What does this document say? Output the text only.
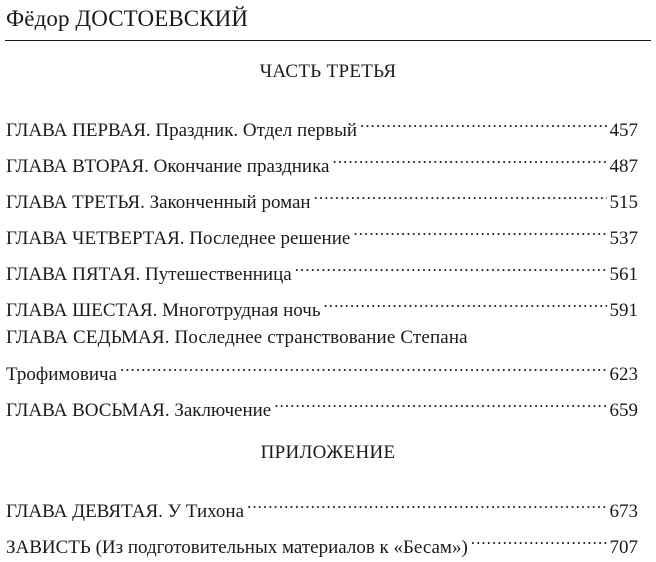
Фёдор ДОСТОЕВСКИЙ
ЧАСТЬ ТРЕТЬЯ
ГЛАВА ПЕРВАЯ. Праздник. Отдел первый . . .	457
ГЛАВА ВТОРАЯ. Окончание праздника . . .	487
ГЛАВА ТРЕТЬЯ. Законченный роман . . .	515
ГЛАВА ЧЕТВЕРТАЯ. Последнее решение . . .	537
ГЛАВА ПЯТАЯ. Путешественница . . .	561
ГЛАВА ШЕСТАЯ. Многотрудная ночь . . .	591
ГЛАВА СЕДЬМАЯ. Последнее странствование Степана
Трофимовича . . .	623
ГЛАВА ВОСЬМАЯ. Заключение . . .	659
ПРИЛОЖЕНИЕ
ГЛАВА ДЕВЯТАЯ. У Тихона . . .	673
ЗАВИСТЬ (Из подготовительных материалов к «Бесам») . . .	707
